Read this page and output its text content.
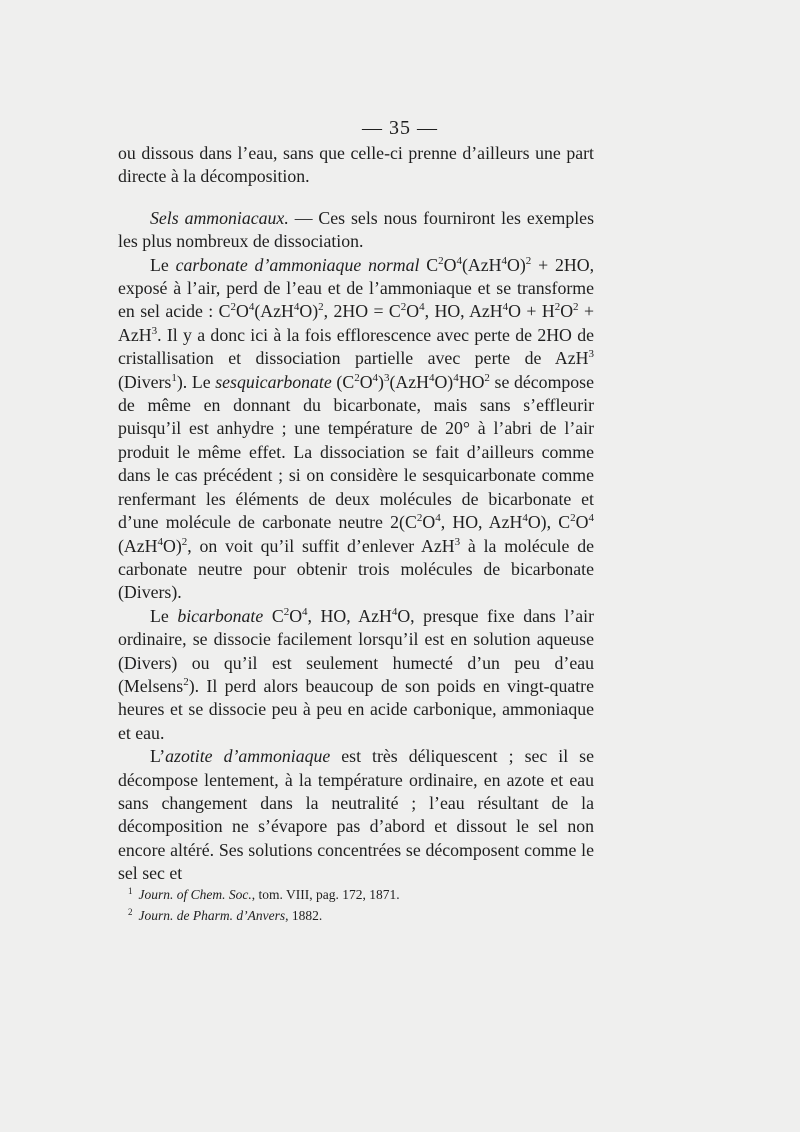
— 35 —

ou dissous dans l’eau, sans que celle-ci prenne d’ailleurs une part directe à la décomposition.

Sels ammoniacaux. — Ces sels nous fourniront les exemples les plus nombreux de dissociation.

Le carbonate d’ammoniaque normal $C^2O^4(AzH^4O)^2 + 2HO$, exposé à l’air, perd de l’eau et de l’ammoniaque et se transforme en sel acide : $C^2O^4(AzH^4O)^2$, $2HO = C^2O^4$, HO, $AzH^4O + H^2O^2 + AzH^3$. Il y a donc ici à la fois efflorescence avec perte de 2HO de cristallisation et dissociation partielle avec perte de AzH$^3$ (Divers$^1$). Le sesquicarbonate $(C^2O^4)^3(AzH^4O)^4HO^2$ se décompose de même en donnant du bicarbonate, mais sans s’effleurir puisqu’il est anhydre ; une température de 20° à l’abri de l’air produit le même effet. La dissociation se fait d’ailleurs comme dans le cas précédent ; si on considère le sesquicarbonate comme renfermant les éléments de deux molécules de bicarbonate et d’une molécule de carbonate neutre $2(C^2O^4$, HO, AzH$^4$O), $C^2O^4$ $(AzH^4O)^2$, on voit qu’il suffit d’enlever AzH$^3$ à la molécule de carbonate neutre pour obtenir trois molécules de bicarbonate (Divers).

Le bicarbonate $C^2O^4$, HO, AzH$^4$O, presque fixe dans l’air ordinaire, se dissocie facilement lorsqu’il est en solution aqueuse (Divers) ou qu’il est seulement humecté d’un peu d’eau (Melsens$^2$). Il perd alors beaucoup de son poids en vingt-quatre heures et se dissocie peu à peu en acide carbonique, ammoniaque et eau.

L’azotite d’ammoniaque est très déliquescent ; sec il se décompose lentement, à la température ordinaire, en azote et eau sans changement dans la neutralité ; l’eau résultant de la décomposition ne s’évapore pas d’abord et dissout le sel non encore altéré. Ses solutions concentrées se décomposent comme le sel sec et

$^1$ Journ. of Chem. Soc., tom. VIII, pag. 172, 1871.
$^2$ Journ. de Pharm. d’Anvers, 1882.
